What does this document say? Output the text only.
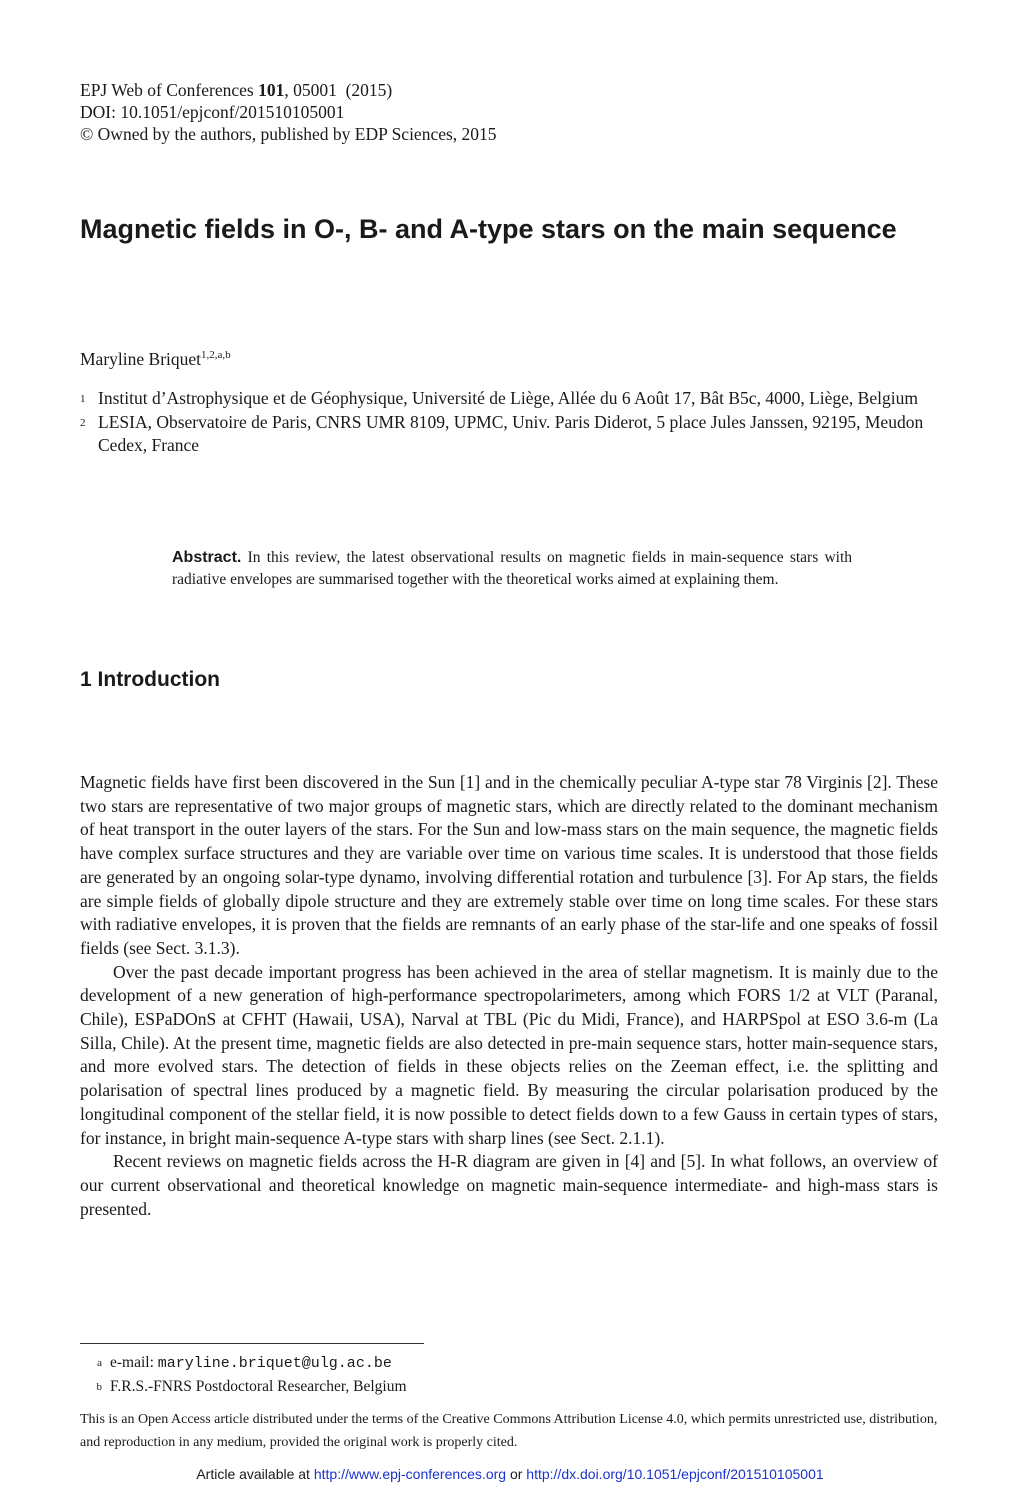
EPJ Web of Conferences 101, 05001 (2015)
DOI: 10.1051/epjconf/201510105001
© Owned by the authors, published by EDP Sciences, 2015
Magnetic fields in O-, B- and A-type stars on the main sequence
Maryline Briquet$^{1,2,a,b}$
1 Institut d’Astrophysique et de Géophysique, Université de Liège, Allée du 6 Août 17, Bât B5c, 4000, Liège, Belgium
2 LESIA, Observatoire de Paris, CNRS UMR 8109, UPMC, Univ. Paris Diderot, 5 place Jules Janssen, 92195, Meudon Cedex, France
Abstract. In this review, the latest observational results on magnetic fields in main-sequence stars with radiative envelopes are summarised together with the theoretical works aimed at explaining them.
1 Introduction

Magnetic fields have first been discovered in the Sun [1] and in the chemically peculiar A-type star 78 Virginis [2]. These two stars are representative of two major groups of magnetic stars, which are directly related to the dominant mechanism of heat transport in the outer layers of the stars. For the Sun and low-mass stars on the main sequence, the magnetic fields have complex surface structures and they are variable over time on various time scales. It is understood that those fields are generated by an ongoing solar-type dynamo, involving differential rotation and turbulence [3]. For Ap stars, the fields are simple fields of globally dipole structure and they are extremely stable over time on long time scales. For these stars with radiative envelopes, it is proven that the fields are remnants of an early phase of the star-life and one speaks of fossil fields (see Sect. 3.1.3).

Over the past decade important progress has been achieved in the area of stellar magnetism. It is mainly due to the development of a new generation of high-performance spectropolarimeters, among which FORS 1/2 at VLT (Paranal, Chile), ESPaDOnS at CFHT (Hawaii, USA), Narval at TBL (Pic du Midi, France), and HARPSpol at ESO 3.6-m (La Silla, Chile). At the present time, magnetic fields are also detected in pre-main sequence stars, hotter main-sequence stars, and more evolved stars. The detection of fields in these objects relies on the Zeeman effect, i.e. the splitting and polarisation of spectral lines produced by a magnetic field. By measuring the circular polarisation produced by the longitudinal component of the stellar field, it is now possible to detect fields down to a few Gauss in certain types of stars, for instance, in bright main-sequence A-type stars with sharp lines (see Sect. 2.1.1).

Recent reviews on magnetic fields across the H-R diagram are given in [4] and [5]. In what follows, an overview of our current observational and theoretical knowledge on magnetic main-sequence intermediate- and high-mass stars is presented.

a e-mail: maryline.briquet@ulg.ac.be
b F.R.S.-FNRS Postdoctoral Researcher, Belgium
This is an Open Access article distributed under the terms of the Creative Commons Attribution License 4.0, which permits unrestricted use, distribution, and reproduction in any medium, provided the original work is properly cited.
Article available at http://www.epj-conferences.org or http://dx.doi.org/10.1051/epjconf/201510105001
